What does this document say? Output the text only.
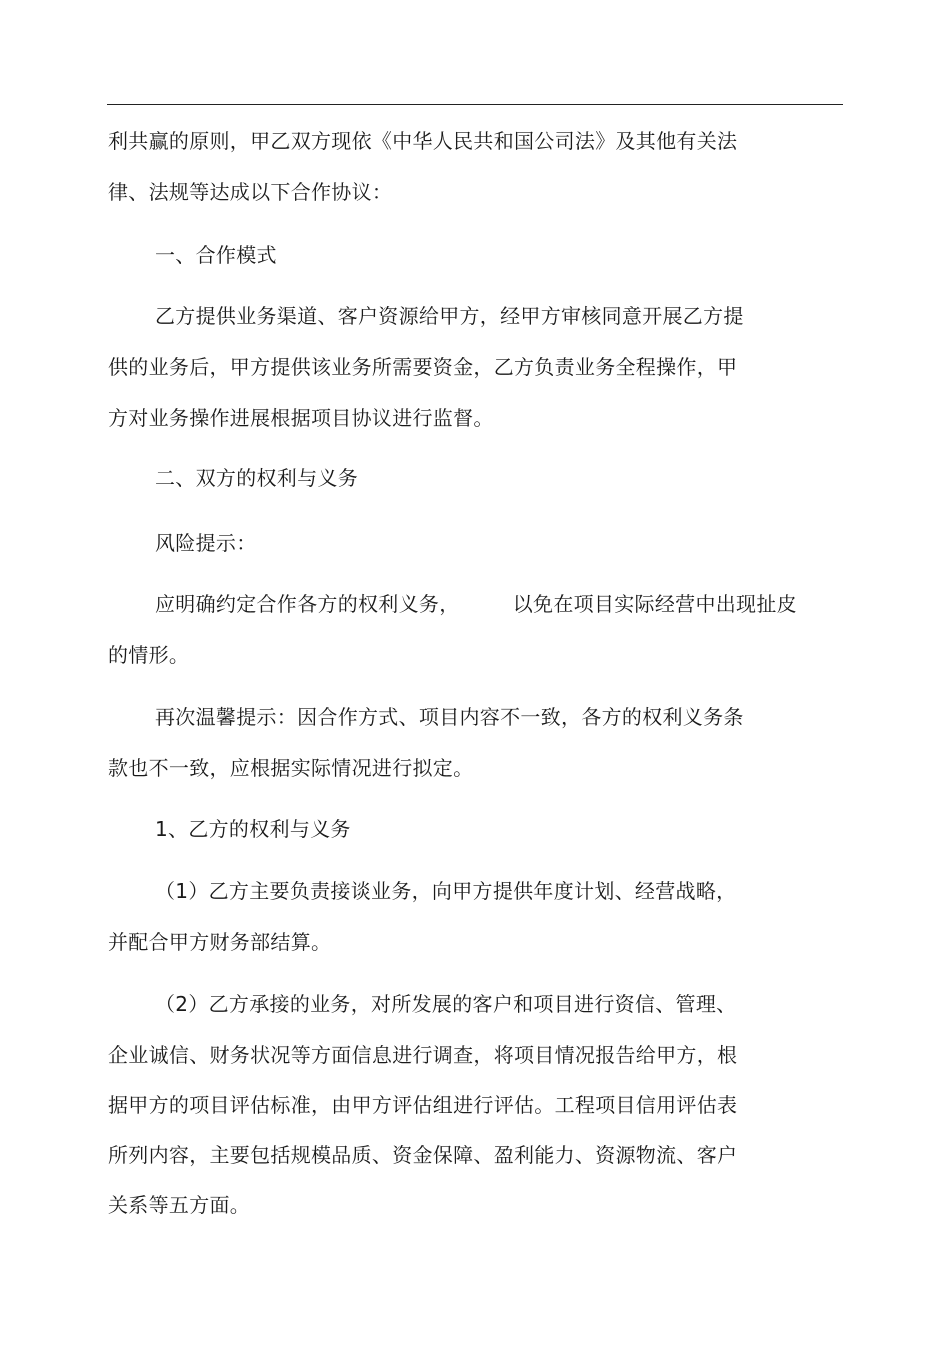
利共赢的原则，甲乙双方现依《中华人民共和国公司法》及其他有关法
律、法规等达成以下合作协议：
一、合作模式
乙方提供业务渠道、客户资源给甲方，经甲方审核同意开展乙方提
供的业务后，甲方提供该业务所需要资金，乙方负责业务全程操作，甲
方对业务操作进展根据项目协议进行监督。
二、双方的权利与义务
风险提示：
应明确约定合作各方的权利义务，        以免在项目实际经营中出现扯皮
的情形。
再次温馨提示：因合作方式、项目内容不一致，各方的权利义务条
款也不一致，应根据实际情况进行拟定。
1、乙方的权利与义务
（1）乙方主要负责接谈业务，向甲方提供年度计划、经营战略，
并配合甲方财务部结算。
（2）乙方承接的业务，对所发展的客户和项目进行资信、管理、
企业诚信、财务状况等方面信息进行调查，将项目情况报告给甲方，根
据甲方的项目评估标准，由甲方评估组进行评估。工程项目信用评估表
所列内容，主要包括规模品质、资金保障、盈利能力、资源物流、客户
关系等五方面。
